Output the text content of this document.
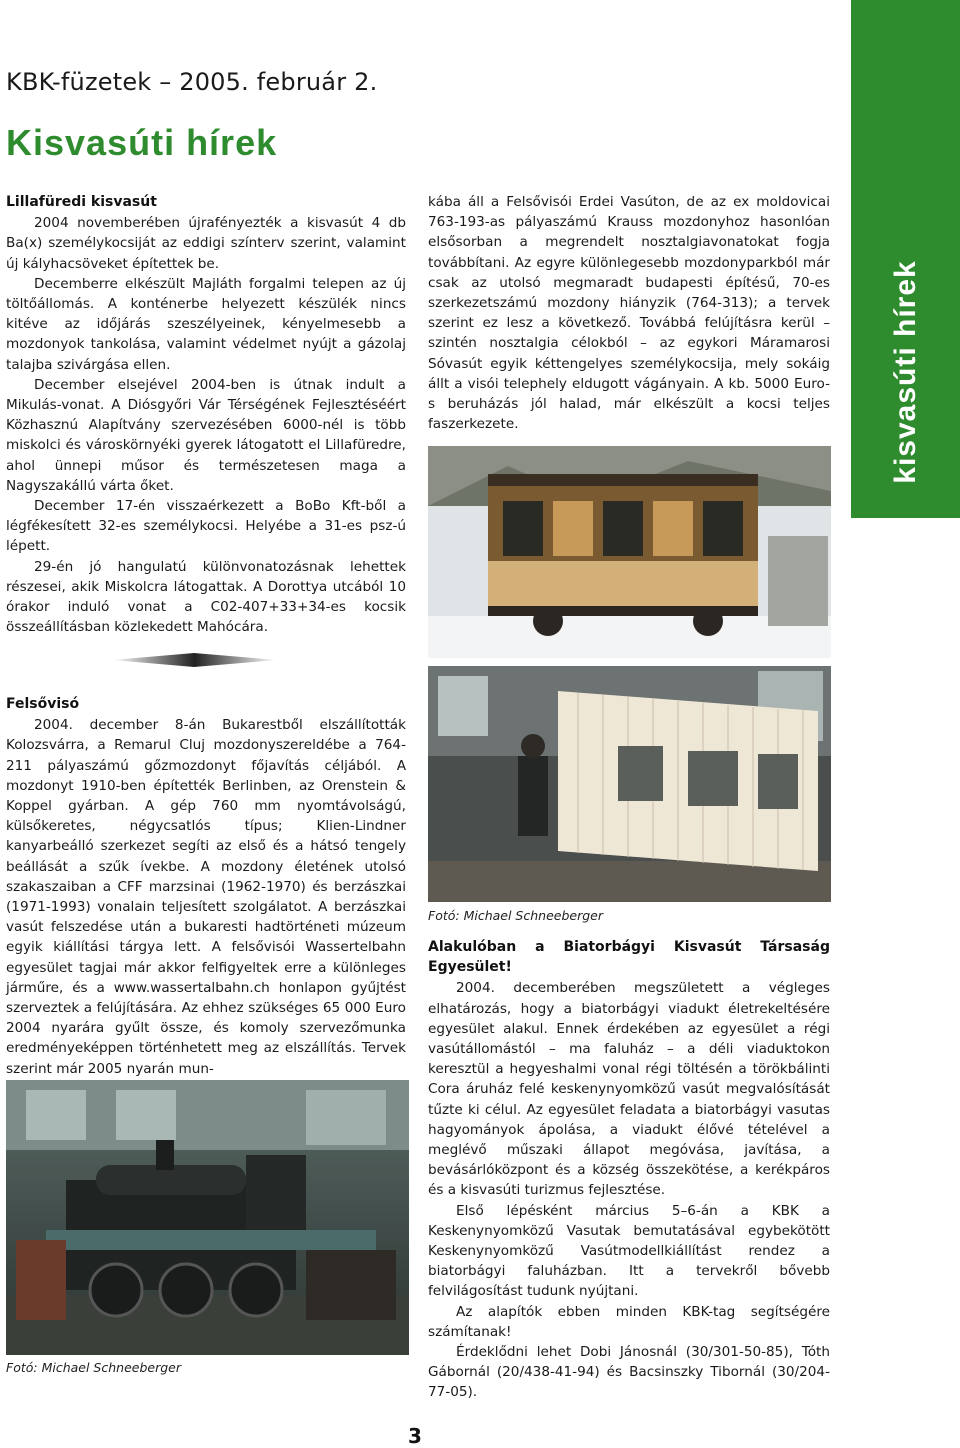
KBK-füzetek – 2005. február 2.
Kisvasúti hírek
kisvasúti hírek
Lillafüredi kisvasút

2004 novemberében újrafényezték a kisvasút 4 db Ba(x) személykocsiját az eddigi színterv szerint, valamint új kályhacsöveket építettek be.

Decemberre elkészült Majláth forgalmi telepen az új töltőállomás. A konténerbe helyezett készülék nincs kitéve az időjárás szeszélyeinek, kényelmesebb a mozdonyok tankolása, valamint védelmet nyújt a gázolaj talajba szivárgása ellen.

December elsejével 2004-ben is útnak indult a Mikulás-vonat. A Diósgyőri Vár Térségének Fejlesztéséért Közhasznú Alapítvány szervezésében 6000-nél is több miskolci és városkörnyéki gyerek látogatott el Lillafüredre, ahol ünnepi műsor és természetesen maga a Nagyszakállú várta őket.

December 17-én visszaérkezett a BoBo Kft-ből a légfékesített 32-es személykocsi. Helyébe a 31-es psz-ú lépett.

29-én jó hangulatú különvonatozásnak lehettek részesei, akik Miskolcra látogattak. A Dorottya utcából 10 órakor induló vonat a C02-407+33+34-es kocsik összeállításban közlekedett Mahócára.

Felsővisó

2004. december 8-án Bukarestből elszállították Kolozsvárra, a Remarul Cluj mozdonyszereldébe a 764-211 pályaszámú gőzmozdonyt főjavítás céljából. A mozdonyt 1910-ben építették Berlinben, az Orenstein & Koppel gyárban. A gép 760 mm nyomtávolságú, külsőkeretes, négycsatlós típus; Klien-Lindner kanyarbeálló szerkezet segíti az első és a hátsó tengely beállását a szűk ívekbe. A mozdony életének utolsó szakaszaiban a CFF marzsinai (1962-1970) és berzászkai (1971-1993) vonalain teljesített szolgálatot. A berzászkai vasút felszedése után a bukaresti hadtörténeti múzeum egyik kiállítási tárgya lett. A felsővisói Wassertelbahn egyesület tagjai már akkor felfigyeltek erre a különleges járműre, és a www.wassertalbahn.ch honlapon gyűjtést szerveztek a felújítására. Az ehhez szükséges 65 000 Euro 2004 nyarára gyűlt össze, és komoly szervezőmunka eredményeképpen történhetett meg az elszállítás. Tervek szerint már 2005 nyarán mun-

Fotó: Michael Schneeberger

kába áll a Felsővisói Erdei Vasúton, de az ex moldovicai 763-193-as pályaszámú Krauss mozdonyhoz hasonlóan elsősorban a megrendelt nosztalgiavonatokat fogja továbbítani. Az egyre különlegesebb mozdonyparkból már csak az utolsó megmaradt budapesti építésű, 70-es szerkezetszámú mozdony hiányzik (764-313); a tervek szerint ez lesz a következő. Továbbá felújításra kerül – szintén nosztalgia célokból – az egykori Máramarosi Sóvasút egyik kéttengelyes személykocsija, mely sokáig állt a visói telephely eldugott vágányain. A kb. 5000 Euro-s beruházás jól halad, már elkészült a kocsi teljes faszerkezete.

Fotó: Michael Schneeberger
Alakulóban a Biatorbágyi Kisvasút Társaság Egyesület!

2004. decemberében megszületett a végleges elhatározás, hogy a biatorbágyi viadukt életrekeltésére egyesület alakul. Ennek érdekében az egyesület a régi vasútállomástól – ma faluház – a déli viaduktokon keresztül a hegyeshalmi vonal régi töltésén a törökbálinti Cora áruház felé keskenynyomközű vasút megvalósítását tűzte ki célul. Az egyesület feladata a biatorbágyi vasutas hagyományok ápolása, a viadukt élővé tételével a meglévő műszaki állapot megóvása, javítása, a bevásárlóközpont és a község összekötése, a kerékpáros és a kisvasúti turizmus fejlesztése.

Első lépésként március 5–6-án a KBK a Keskenynyomközű Vasutak bemutatásával egybekötött Keskenynyomközű Vasútmodellkiállítást rendez a biatorbágyi faluházban. Itt a tervekről bővebb felvilágosítást tudunk nyújtani.

Az alapítók ebben minden KBK-tag segítségére számítanak!

Érdeklődni lehet Dobi Jánosnál (30/301-50-85), Tóth Gábornál (20/438-41-94) és Bacsinszky Tibornál (30/204-77-05).

3
